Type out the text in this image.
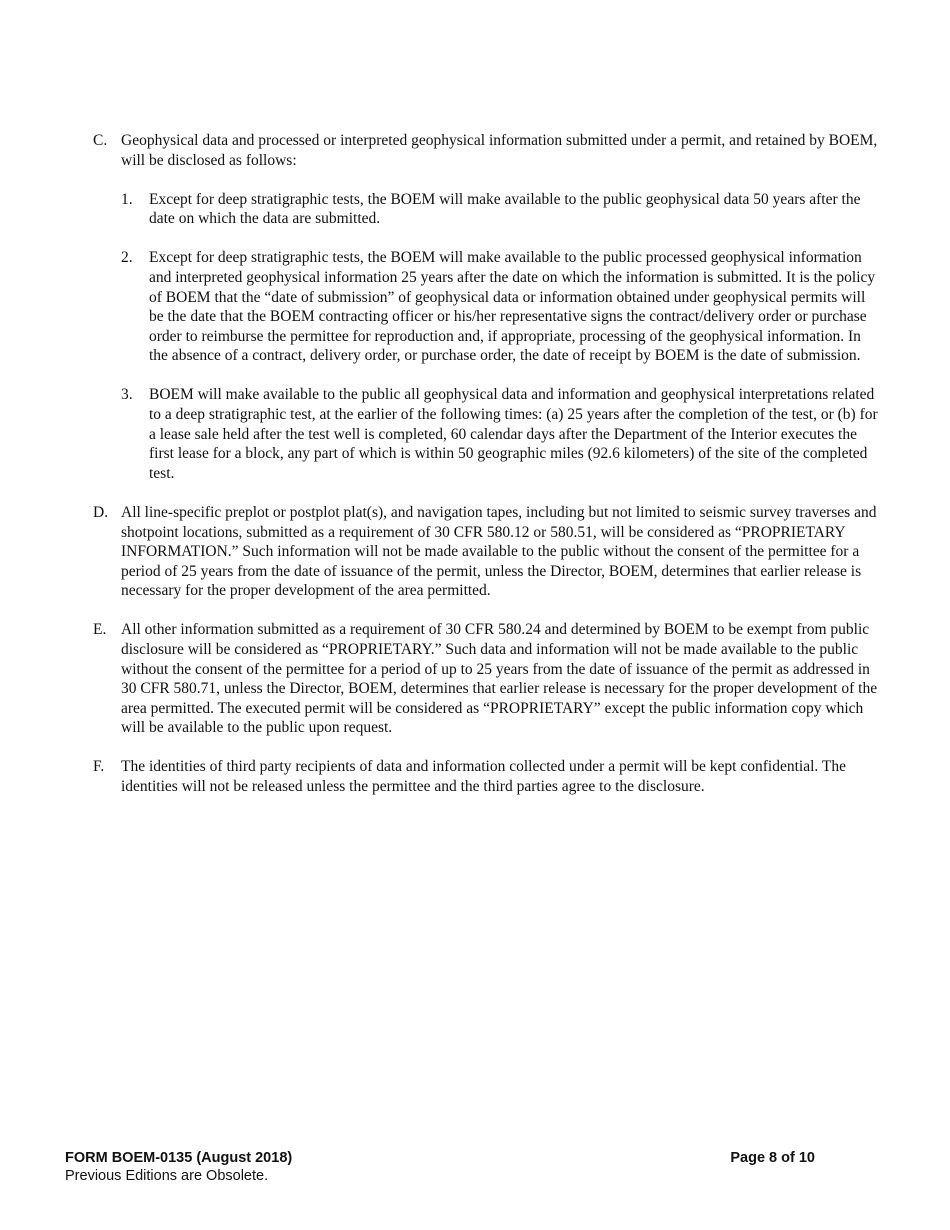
C. Geophysical data and processed or interpreted geophysical information submitted under a permit, and retained by BOEM, will be disclosed as follows:

1.	Except for deep stratigraphic tests, the BOEM will make available to the public geophysical data 50 years after the date on which the data are submitted.
2.	Except for deep stratigraphic tests, the BOEM will make available to the public processed geophysical information and interpreted geophysical information 25 years after the date on which the information is submitted. It is the policy of BOEM that the “date of submission” of geophysical data or information obtained under geophysical permits will be the date that the BOEM contracting officer or his/her representative signs the contract/delivery order or purchase order to reimburse the permittee for reproduction and, if appropriate, processing of the geophysical information. In the absence of a contract, delivery order, or purchase order, the date of receipt by BOEM is the date of submission.
3.	BOEM will make available to the public all geophysical data and information and geophysical interpretations related to a deep stratigraphic test, at the earlier of the following times: (a) 25 years after the completion of the test, or (b) for a lease sale held after the test well is completed, 60 calendar days after the Department of the Interior executes the first lease for a block, any part of which is within 50 geographic miles (92.6 kilometers) of the site of the completed test.
D. All line-specific preplot or postplot plat(s), and navigation tapes, including but not limited to seismic survey traverses and shotpoint locations, submitted as a requirement of 30 CFR 580.12 or 580.51, will be considered as “PROPRIETARY INFORMATION.” Such information will not be made available to the public without the consent of the permittee for a period of 25 years from the date of issuance of the permit, unless the Director, BOEM, determines that earlier release is necessary for the proper development of the area permitted.

E. All other information submitted as a requirement of 30 CFR 580.24 and determined by BOEM to be exempt from public disclosure will be considered as “PROPRIETARY.” Such data and information will not be made available to the public without the consent of the permittee for a period of up to 25 years from the date of issuance of the permit as addressed in 30 CFR 580.71, unless the Director, BOEM, determines that earlier release is necessary for the proper development of the area permitted. The executed permit will be considered as “PROPRIETARY” except the public information copy which will be available to the public upon request.

F.	The identities of third party recipients of data and information collected under a permit will be kept confidential. The identities will not be released unless the permittee and the third parties agree to the disclosure.

FORM BOEM-0135 (August 2018)	Page 8 of 10
Previous Editions are Obsolete.
